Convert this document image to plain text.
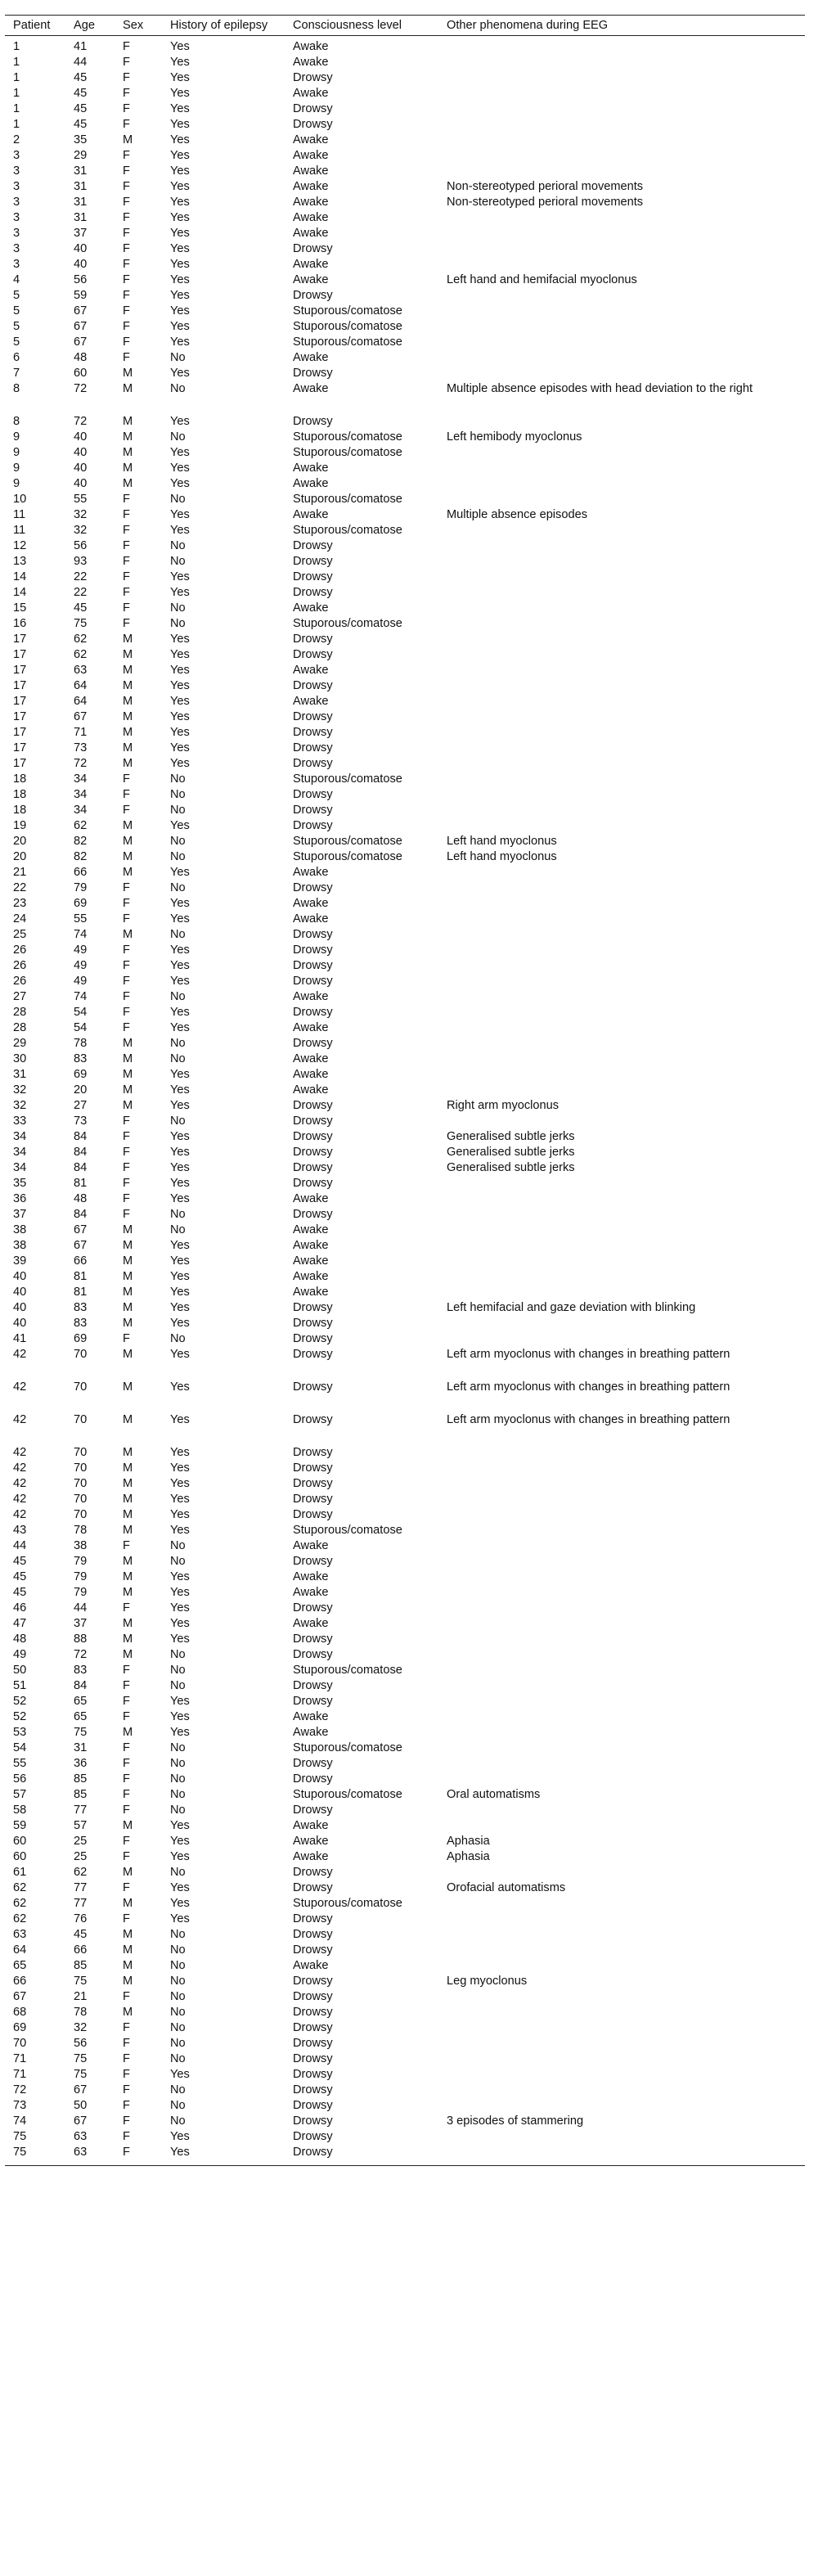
Patient	Age	Sex	History of epilepsy	Consciousness level	Other phenomena during EEG
1	41	F	Yes	Awake	
1	44	F	Yes	Awake	
1	45	F	Yes	Drowsy	
1	45	F	Yes	Awake	
1	45	F	Yes	Drowsy	
1	45	F	Yes	Drowsy	
2	35	M	Yes	Awake	
3	29	F	Yes	Awake	
3	31	F	Yes	Awake	
3	31	F	Yes	Awake	Non-stereotyped perioral movements
3	31	F	Yes	Awake	Non-stereotyped perioral movements
3	31	F	Yes	Awake	
3	37	F	Yes	Awake	
3	40	F	Yes	Drowsy	
3	40	F	Yes	Awake	
4	56	F	Yes	Awake	Left hand and hemifacial myoclonus
5	59	F	Yes	Drowsy	
5	67	F	Yes	Stuporous/comatose	
5	67	F	Yes	Stuporous/comatose	
5	67	F	Yes	Stuporous/comatose	
6	48	F	No	Awake	
7	60	M	Yes	Drowsy	
8	72	M	No	Awake	Multiple absence episodes with head deviation to the right
8	72	M	Yes	Drowsy	
9	40	M	No	Stuporous/comatose	Left hemibody myoclonus
9	40	M	Yes	Stuporous/comatose	
9	40	M	Yes	Awake	
9	40	M	Yes	Awake	
10	55	F	No	Stuporous/comatose	
11	32	F	Yes	Awake	Multiple absence episodes
11	32	F	Yes	Stuporous/comatose	
12	56	F	No	Drowsy	
13	93	F	No	Drowsy	
14	22	F	Yes	Drowsy	
14	22	F	Yes	Drowsy	
15	45	F	No	Awake	
16	75	F	No	Stuporous/comatose	
17	62	M	Yes	Drowsy	
17	62	M	Yes	Drowsy	
17	63	M	Yes	Awake	
17	64	M	Yes	Drowsy	
17	64	M	Yes	Awake	
17	67	M	Yes	Drowsy	
17	71	M	Yes	Drowsy	
17	73	M	Yes	Drowsy	
17	72	M	Yes	Drowsy	
18	34	F	No	Stuporous/comatose	
18	34	F	No	Drowsy	
18	34	F	No	Drowsy	
19	62	M	Yes	Drowsy	
20	82	M	No	Stuporous/comatose	Left hand myoclonus
20	82	M	No	Stuporous/comatose	Left hand myoclonus
21	66	M	Yes	Awake	
22	79	F	No	Drowsy	
23	69	F	Yes	Awake	
24	55	F	Yes	Awake	
25	74	M	No	Drowsy	
26	49	F	Yes	Drowsy	
26	49	F	Yes	Drowsy	
26	49	F	Yes	Drowsy	
27	74	F	No	Awake	
28	54	F	Yes	Drowsy	
28	54	F	Yes	Awake	
29	78	M	No	Drowsy	
30	83	M	No	Awake	
31	69	M	Yes	Awake	
32	20	M	Yes	Awake	
32	27	M	Yes	Drowsy	Right arm myoclonus
33	73	F	No	Drowsy	
34	84	F	Yes	Drowsy	Generalised subtle jerks
34	84	F	Yes	Drowsy	Generalised subtle jerks
34	84	F	Yes	Drowsy	Generalised subtle jerks
35	81	F	Yes	Drowsy	
36	48	F	Yes	Awake	
37	84	F	No	Drowsy	
38	67	M	No	Awake	
38	67	M	Yes	Awake	
39	66	M	Yes	Awake	
40	81	M	Yes	Awake	
40	81	M	Yes	Awake	
40	83	M	Yes	Drowsy	Left hemifacial and gaze deviation with blinking
40	83	M	Yes	Drowsy	
41	69	F	No	Drowsy	
42	70	M	Yes	Drowsy	Left arm myoclonus with changes in breathing pattern
42	70	M	Yes	Drowsy	Left arm myoclonus with changes in breathing pattern
42	70	M	Yes	Drowsy	Left arm myoclonus with changes in breathing pattern
42	70	M	Yes	Drowsy	
42	70	M	Yes	Drowsy	
42	70	M	Yes	Drowsy	
42	70	M	Yes	Drowsy	
42	70	M	Yes	Drowsy	
43	78	M	Yes	Stuporous/comatose	
44	38	F	No	Awake	
45	79	M	No	Drowsy	
45	79	M	Yes	Awake	
45	79	M	Yes	Awake	
46	44	F	Yes	Drowsy	
47	37	M	Yes	Awake	
48	88	M	Yes	Drowsy	
49	72	M	No	Drowsy	
50	83	F	No	Stuporous/comatose	
51	84	F	No	Drowsy	
52	65	F	Yes	Drowsy	
52	65	F	Yes	Awake	
53	75	M	Yes	Awake	
54	31	F	No	Stuporous/comatose	
55	36	F	No	Drowsy	
56	85	F	No	Drowsy	
57	85	F	No	Stuporous/comatose	Oral automatisms
58	77	F	No	Drowsy	
59	57	M	Yes	Awake	
60	25	F	Yes	Awake	Aphasia
60	25	F	Yes	Awake	Aphasia
61	62	M	No	Drowsy	
62	77	F	Yes	Drowsy	Orofacial automatisms
62	77	M	Yes	Stuporous/comatose	
62	76	F	Yes	Drowsy	
63	45	M	No	Drowsy	
64	66	M	No	Drowsy	
65	85	M	No	Awake	
66	75	M	No	Drowsy	Leg myoclonus
67	21	F	No	Drowsy	
68	78	M	No	Drowsy	
69	32	F	No	Drowsy	
70	56	F	No	Drowsy	
71	75	F	No	Drowsy	
71	75	F	Yes	Drowsy	
72	67	F	No	Drowsy	
73	50	F	No	Drowsy	
74	67	F	No	Drowsy	3 episodes of stammering
75	63	F	Yes	Drowsy	
75	63	F	Yes	Drowsy	
